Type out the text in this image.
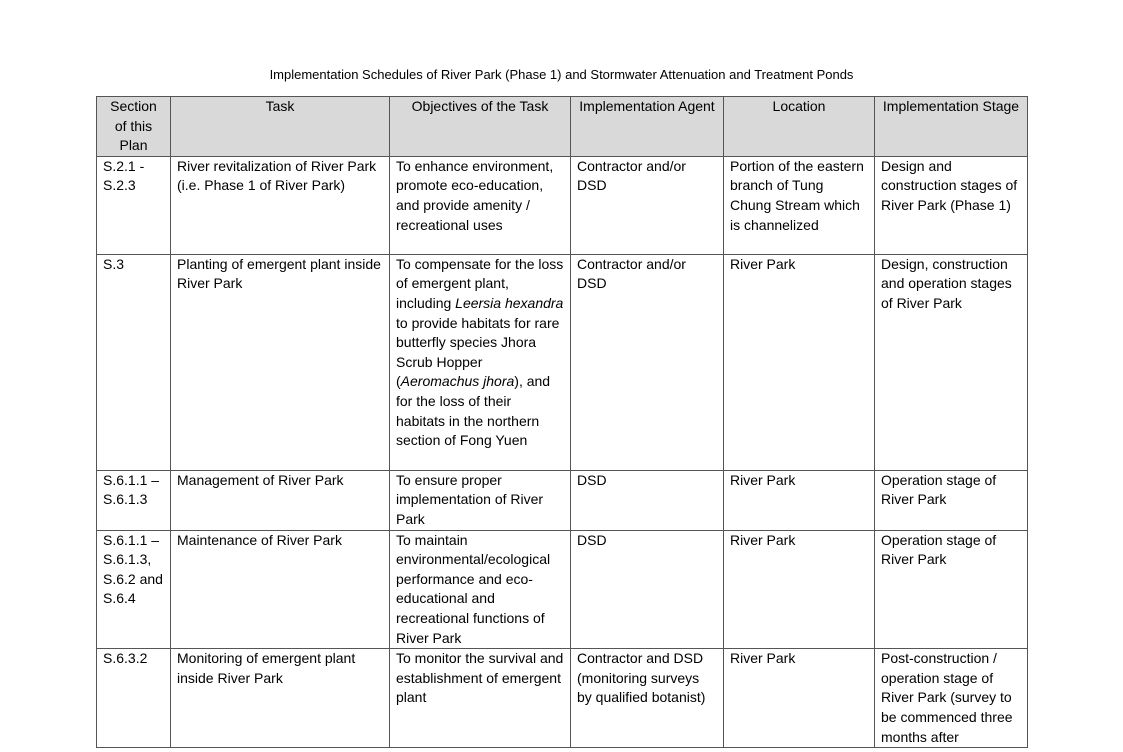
Implementation Schedules of River Park (Phase 1) and Stormwater Attenuation and Treatment Ponds
Section of this Plan	Task	Objectives of the Task	Implementation Agent	Location	Implementation Stage
S.2.1 - S.2.3	River revitalization of River Park (i.e. Phase 1 of River Park)	To enhance environment, promote eco-education, and provide amenity / recreational uses	Contractor and/or DSD	Portion of the eastern branch of Tung Chung Stream which is channelized	Design and construction stages of River Park (Phase 1)
S.3	Planting of emergent plant inside River Park	To compensate for the loss of emergent plant, including Leersia hexandra to provide habitats for rare butterfly species Jhora Scrub Hopper (Aeromachus jhora), and for the loss of their habitats in the northern section of Fong Yuen	Contractor and/or DSD	River Park	Design, construction and operation stages of River Park
S.6.1.1 – S.6.1.3	Management of River Park	To ensure proper implementation of River Park	DSD	River Park	Operation stage of River Park
S.6.1.1 – S.6.1.3, S.6.2 and S.6.4	Maintenance of River Park	To maintain environmental/ecological performance and eco-educational and recreational functions of River Park	DSD	River Park	Operation stage of River Park
S.6.3.2	Monitoring of emergent plant inside River Park	To monitor the survival and establishment of emergent plant	Contractor and DSD (monitoring surveys by qualified botanist)	River Park	Post-construction / operation stage of River Park (survey to be commenced three months after
